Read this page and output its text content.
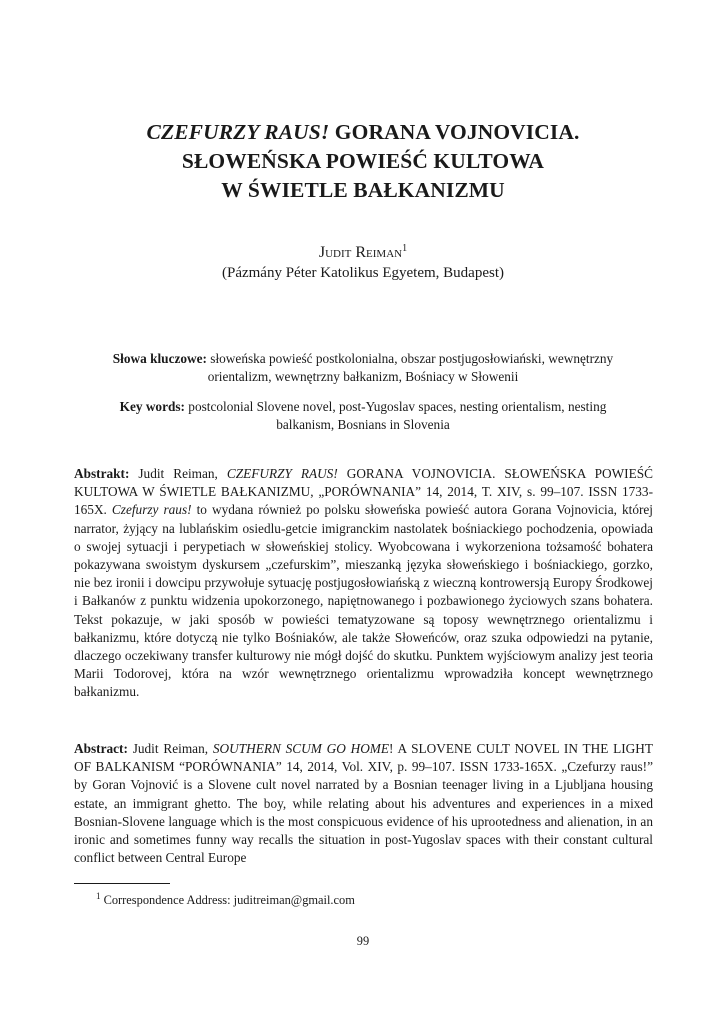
CZEFURZY RAUS! GORANA VOJNOVICIA.
SŁOWEŃSKA POWIEŚĆ KULTOWA
W ŚWIETLE BAŁKANIZMU
Judit Reiman$^1$
(Pázmány Péter Katolikus Egyetem, Budapest)
Słowa kluczowe: słoweńska powieść postkolonialna, obszar postjugosłowiański, wewnętrzny orientalizm, wewnętrzny bałkanizm, Bośniacy w Słowenii
Key words: postcolonial Slovene novel, post-Yugoslav spaces, nesting orientalism, nesting balkanism, Bosnians in Slovenia
Abstrakt: Judit Reiman, CZEFURZY RAUS! GORANA VOJNOVICIA. SŁOWEŃSKA POWIEŚĆ KULTOWA W ŚWIETLE BAŁKANIZMU, „PORÓWNANIA” 14, 2014, T. XIV, s. 99–107. ISSN 1733-165X. Czefurzy raus! to wydana również po polsku słoweńska powieść autora Gorana Vojnovicia, której narrator, żyjący na lublańskim osiedlu-getcie imigranckim nastolatek bośniackiego pochodzenia, opowiada o swojej sytuacji i perypetiach w słoweńskiej stolicy. Wyobcowana i wykorzeniona tożsamość bohatera pokazywana swoistym dyskursem „czefurskim”, mieszanką języka słoweńskiego i bośniackiego, gorzko, nie bez ironii i dowcipu przywołuje sytuację postjugosłowiańską z wieczną kontrowersją Europy Środkowej i Bałkanów z punktu widzenia upokorzonego, napiętnowanego i pozbawionego życiowych szans bohatera. Tekst pokazuje, w jaki sposób w powieści tematyzowane są toposy wewnętrznego orientalizmu i bałkanizmu, które dotyczą nie tylko Bośniaków, ale także Słoweńców, oraz szuka odpowiedzi na pytanie, dlaczego oczekiwany transfer kulturowy nie mógł dojść do skutku. Punktem wyjściowym analizy jest teoria Marii Todorovej, która na wzór wewnętrznego orientalizmu wprowadziła koncept wewnętrznego bałkanizmu.
Abstract: Judit Reiman, SOUTHERN SCUM GO HOME! A SLOVENE CULT NOVEL IN THE LIGHT OF BALKANISM “PORÓWNANIA” 14, 2014, Vol. XIV, p. 99–107. ISSN 1733-165X. „Czefurzy raus!” by Goran Vojnović is a Slovene cult novel narrated by a Bosnian teenager living in a Ljubljana housing estate, an immigrant ghetto. The boy, while relating about his adventures and experiences in a mixed Bosnian-Slovene language which is the most conspicuous evidence of his uprootedness and alienation, in an ironic and sometimes funny way recalls the situation in post-Yugoslav spaces with their constant cultural conflict between Central Europe
$^1$ Correspondence Address: juditreiman@gmail.com
99
